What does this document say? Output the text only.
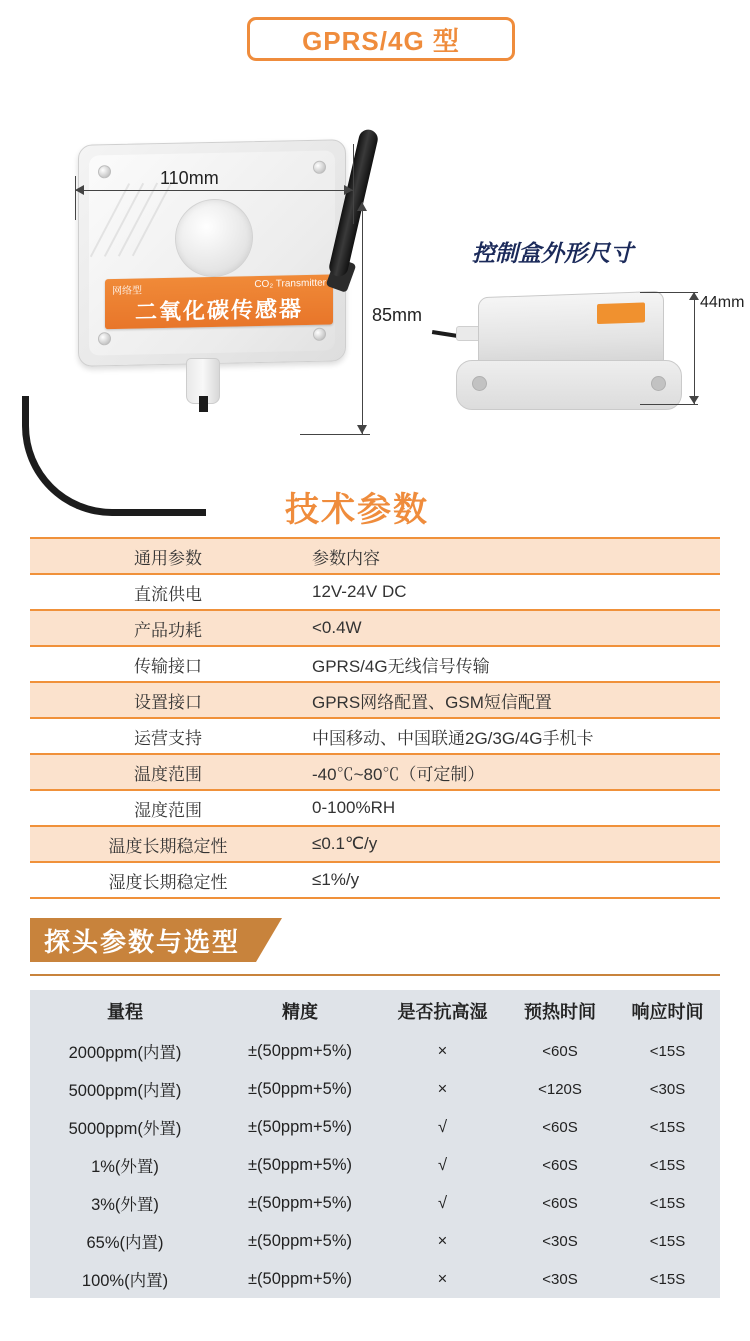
GPRS/4G 型
网络型
CO₂ Transmitter
二氧化碳传感器
110mm
85mm
控制盒外形尺寸
44mm
技术参数
通用参数	参数内容
直流供电	12V-24V DC
产品功耗	<0.4W
传输接口	GPRS/4G无线信号传输
设置接口	GPRS网络配置、GSM短信配置
运营支持	中国移动、中国联通2G/3G/4G手机卡
温度范围	-40℃~80℃（可定制）
湿度范围	0-100%RH
温度长期稳定性	≤0.1℃/y
湿度长期稳定性	≤1%/y
探头参数与选型
量程	精度	是否抗高湿	预热时间	响应时间
2000ppm(内置)	±(50ppm+5%)	×	<60S	<15S
5000ppm(内置)	±(50ppm+5%)	×	<120S	<30S
5000ppm(外置)	±(50ppm+5%)	√	<60S	<15S
1%(外置)	±(50ppm+5%)	√	<60S	<15S
3%(外置)	±(50ppm+5%)	√	<60S	<15S
65%(内置)	±(50ppm+5%)	×	<30S	<15S
100%(内置)	±(50ppm+5%)	×	<30S	<15S
